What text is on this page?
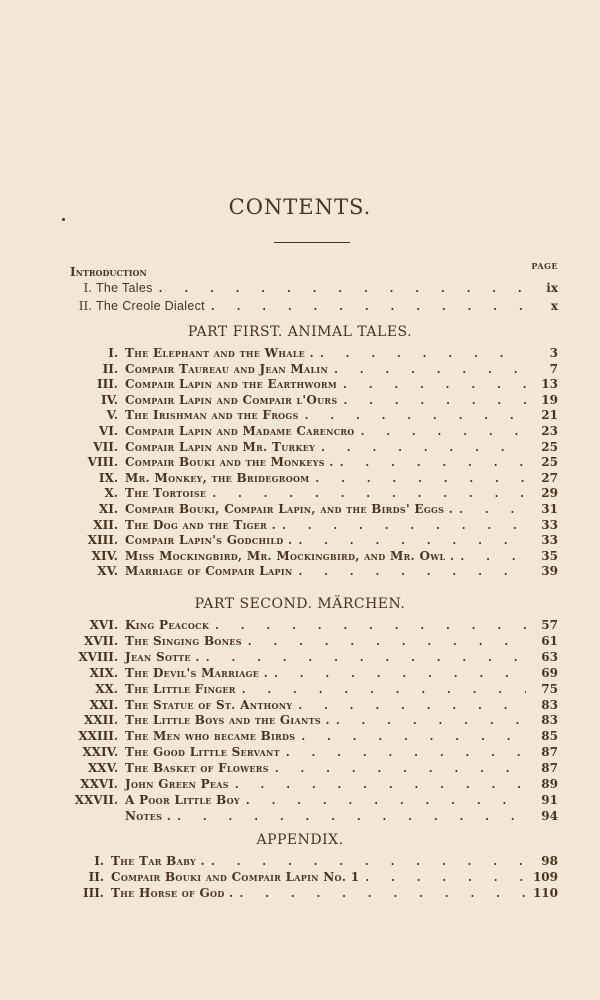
CONTENTS.
PAGE
Introduction
I. The Tales . . .	ix
II. The Creole Dialect . . .	x
PART FIRST. ANIMAL TALES.
I. The Elephant and the Whale . . . .	3
II. Compair Taureau and Jean Malin . . .	7
III. Compair Lapin and the Earthworm . . .	13
IV. Compair Lapin and Compair l'Ours . . .	19
V. The Irishman and the Frogs . . .	21
VI. Compair Lapin and Madame Carencro . . .	23
VII. Compair Lapin and Mr. Turkey . . .	25
VIII. Compair Bouki and the Monkeys . . . .	25
IX. Mr. Monkey, the Bridegroom . . .	27
X. The Tortoise . . .	29
XI. Compair Bouki, Compair Lapin, and the Birds' Eggs . . . .	31
XII. The Dog and the Tiger . . . .	33
XIII. Compair Lapin's Godchild . . . .	33
XIV. Miss Mockingbird, Mr. Mockingbird, and Mr. Owl . . . .	35
XV. Marriage of Compair Lapin . . .	39
PART SECOND. MÄRCHEN.
XVI. King Peacock . . .	57
XVII. The Singing Bones . . .	61
XVIII. Jean Sotte . . . .	63
XIX. The Devil's Marriage . . . .	69
XX. The Little Finger . . .	75
XXI. The Statue of St. Anthony . . .	83
XXII. The Little Boys and the Giants . . . .	83
XXIII. The Men who became Birds . . .	85
XXIV. The Good Little Servant . . .	87
XXV. The Basket of Flowers . . .	87
XXVI. John Green Peas . . .	89
XXVII. A Poor Little Boy . . .	91
Notes . . . .	94
APPENDIX.
I. The Tar Baby . . . .	98
II. Compair Bouki and Compair Lapin No. 1 . . .	109
III. The Horse of God . . . .	110
